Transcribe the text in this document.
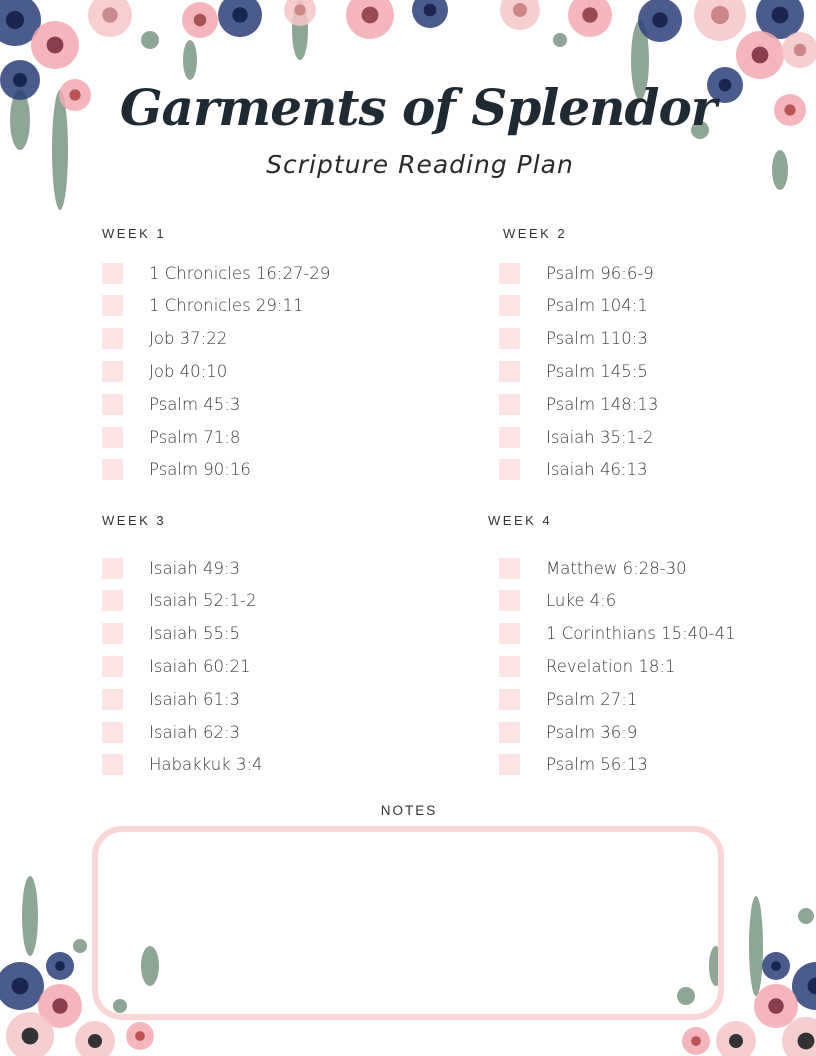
Garments of Splendor
Scripture Reading Plan
WEEK 1
1 Chronicles 16:27-29
1 Chronicles 29:11
Job 37:22
Job 40:10
Psalm 45:3
Psalm 71:8
Psalm 90:16
WEEK 2
Psalm 96:6-9
Psalm 104:1
Psalm 110:3
Psalm 145:5
Psalm 148:13
Isaiah 35:1-2
Isaiah 46:13
WEEK 3
Isaiah 49:3
Isaiah 52:1-2
Isaiah 55:5
Isaiah 60:21
Isaiah 61:3
Isaiah 62:3
Habakkuk 3:4
WEEK 4
Matthew 6:28-30
Luke 4:6
1 Corinthians 15:40-41
Revelation 18:1
Psalm 27:1
Psalm 36:9
Psalm 56:13
NOTES
